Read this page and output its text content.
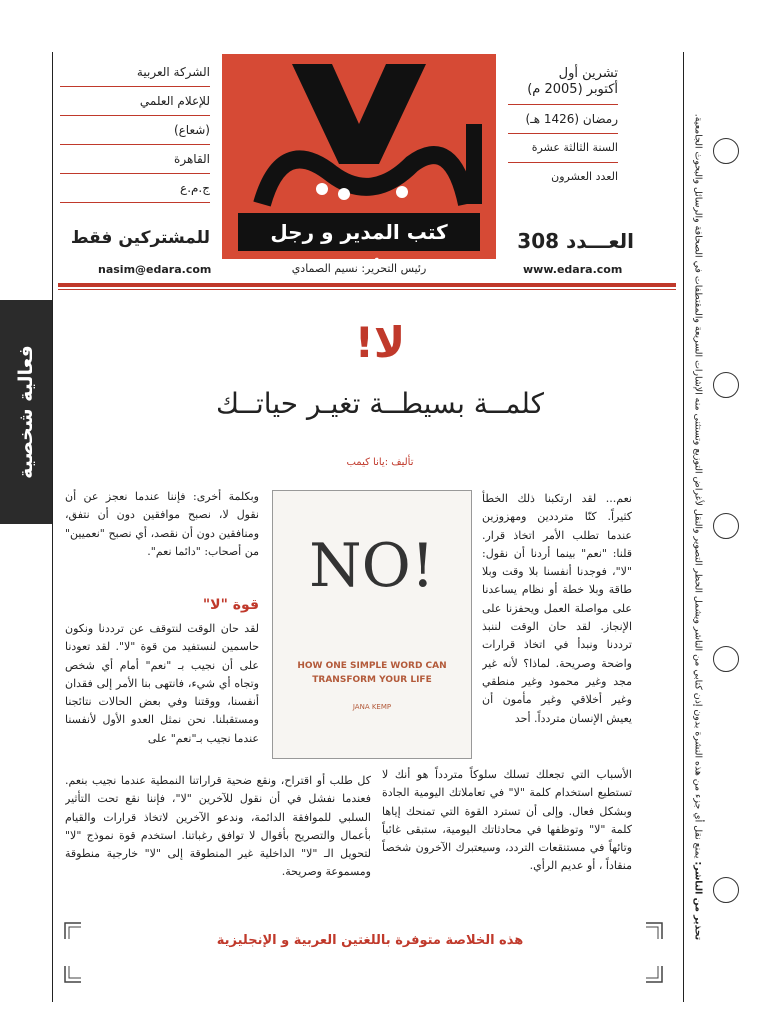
الشركة العربية
للإعلام العلمي
(شعاع)
القاهرة
ج.م.ع
للمشتركين فقط
nasim@edara.com
كتب المدير و رجل
رئيس التحرير: نسيم الصمادي
تشرين أول
أكتوبر (2005 م)
رمضان (1426 هـ)
السنة الثالثة عشرة
العدد العشرون
العـــدد 308
www.edara.com
فعالية شخصية
تحذير من الناشر: يمنع نقل أي جزء من هذه النشرة بدون إذن كتابي من الناشر ويشمل الحظر التصوير والنقل لأغراض التوزيع وتستثنى منه الإشارات السريعة والمقتطفات في الصحافة والرسائل والبحوث الجامعية.
لا!
كلمــة بسيطــة تغيـر حياتــك
تأليف :يانا كيمب
NO!
HOW ONE SIMPLE WORD CAN
TRANSFORM YOUR LIFE
JANA KEMP
نعم... لقد ارتكبنا ذلك الخطأ كثيراً. كنّا مترددين ومهزوزين عندما تطلب الأمر اتخاذ قرار. قلنا: "نعم" بينما أردنا أن نقول: "لا"، فوجدنا أنفسنا بلا وقت وبلا طاقة وبلا خطة أو نظام يساعدنا على مواصلة العمل ويحفزنا على الإنجاز. لقد حان الوقت لننبذ ترددنا ونبدأ في اتخاذ قرارات واضحة وصريحة. لماذا؟ لأنه غير مجد وغير محمود وغير منطقي وغير أخلاقي وغير مأمون أن يعيش الإنسان متردداً. أحد
وبكلمة أخرى: فإننا عندما نعجز عن أن نقول لا، نصبح موافقين دون أن نتفق، ومنافقين دون أن نقصد، أي نصبح "نعميين" من أصحاب: "دائما نعم".
قوة "لا"
لقد حان الوقت لنتوقف عن ترددنا ونكون حاسمين لنستفيد من قوة "لا". لقد تعودنا على أن نجيب بـ "نعم" أمام أي شخص وتجاه أي شيء، فانتهى بنا الأمر إلى فقدان أنفسنا، ووقتنا وفي بعض الحالات نتائجنا ومستقبلنا. نحن نمثل العدو الأول لأنفسنا عندما نجيب بـ"نعم" على
الأسباب التي تجعلك تسلك سلوكاً متردداً هو أنك لا تستطيع استخدام كلمة "لا" في تعاملاتك اليومية الجادة وبشكل فعال. وإلى أن تسترد القوة التي تمنحك إياها كلمة "لا" وتوظفها في محادثاتك اليومية، ستبقى غائباً وتائهاً في مستنقعات التردد، وسيعتبرك الآخرون شخصاً منقاداً ، أو عديم الرأي.
كل طلب أو اقتراح، ونقع ضحية قراراتنا النمطية عندما نجيب بنعم. فعندما نفشل في أن نقول للآخرين "لا"، فإننا نقع تحت التأثير السلبي للموافقة الدائمة، وندعو الآخرين لاتخاذ قرارات والقيام بأعمال والتصريح بأقوال لا توافق رغباتنا. استخدم قوة نموذج "لا" لتحويل الـ "لا" الداخلية غير المنطوقة إلى "لا" خارجية منطوقة ومسموعة وصريحة.
هذه الخلاصة متوفرة باللغتين العربية و الإنجليزية
